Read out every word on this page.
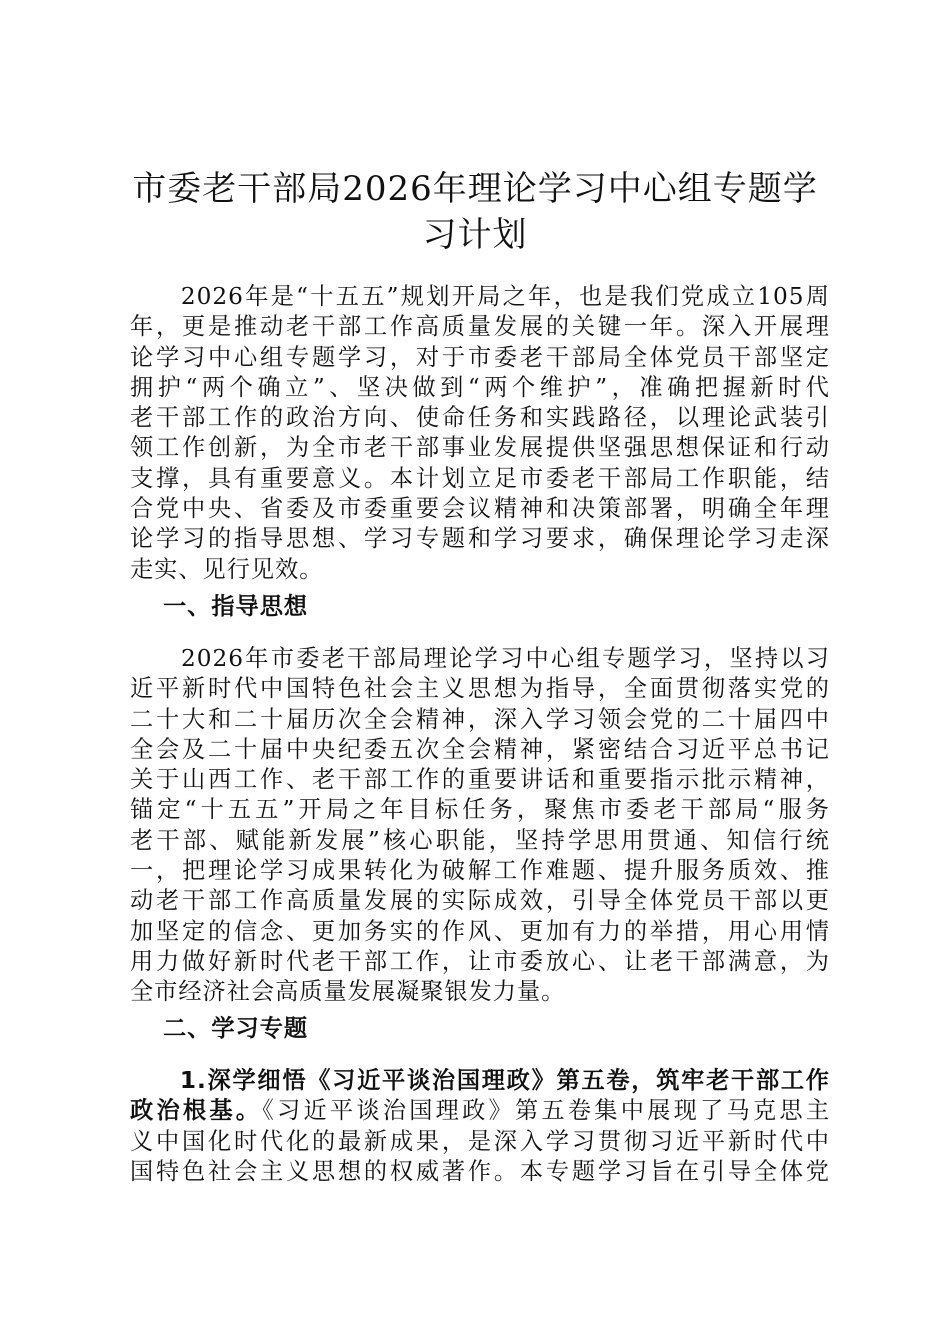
市委老干部局2026年理论学习中心组专题学
习计划
　　2026年是“十五五”规划开局之年，也是我们党成立105周
年，更是推动老干部工作高质量发展的关键一年。深入开展理
论学习中心组专题学习，对于市委老干部局全体党员干部坚定
拥护“两个确立”、坚决做到“两个维护”，准确把握新时代
老干部工作的政治方向、使命任务和实践路径，以理论武装引
领工作创新，为全市老干部事业发展提供坚强思想保证和行动
支撑，具有重要意义。本计划立足市委老干部局工作职能，结
合党中央、省委及市委重要会议精神和决策部署，明确全年理
论学习的指导思想、学习专题和学习要求，确保理论学习走深
走实、见行见效。
一、指导思想
　　2026年市委老干部局理论学习中心组专题学习，坚持以习
近平新时代中国特色社会主义思想为指导，全面贯彻落实党的
二十大和二十届历次全会精神，深入学习领会党的二十届四中
全会及二十届中央纪委五次全会精神，紧密结合习近平总书记
关于山西工作、老干部工作的重要讲话和重要指示批示精神，
锚定“十五五”开局之年目标任务，聚焦市委老干部局“服务
老干部、赋能新发展”核心职能，坚持学思用贯通、知信行统
一，把理论学习成果转化为破解工作难题、提升服务质效、推
动老干部工作高质量发展的实际成效，引导全体党员干部以更
加坚定的信念、更加务实的作风、更加有力的举措，用心用情
用力做好新时代老干部工作，让市委放心、让老干部满意，为
全市经济社会高质量发展凝聚银发力量。
二、学习专题
　　1.深学细悟《习近平谈治国理政》第五卷，筑牢老干部工作
政治根基。《习近平谈治国理政》第五卷集中展现了马克思主
义中国化时代化的最新成果，是深入学习贯彻习近平新时代中
国特色社会主义思想的权威著作。本专题学习旨在引导全体党
